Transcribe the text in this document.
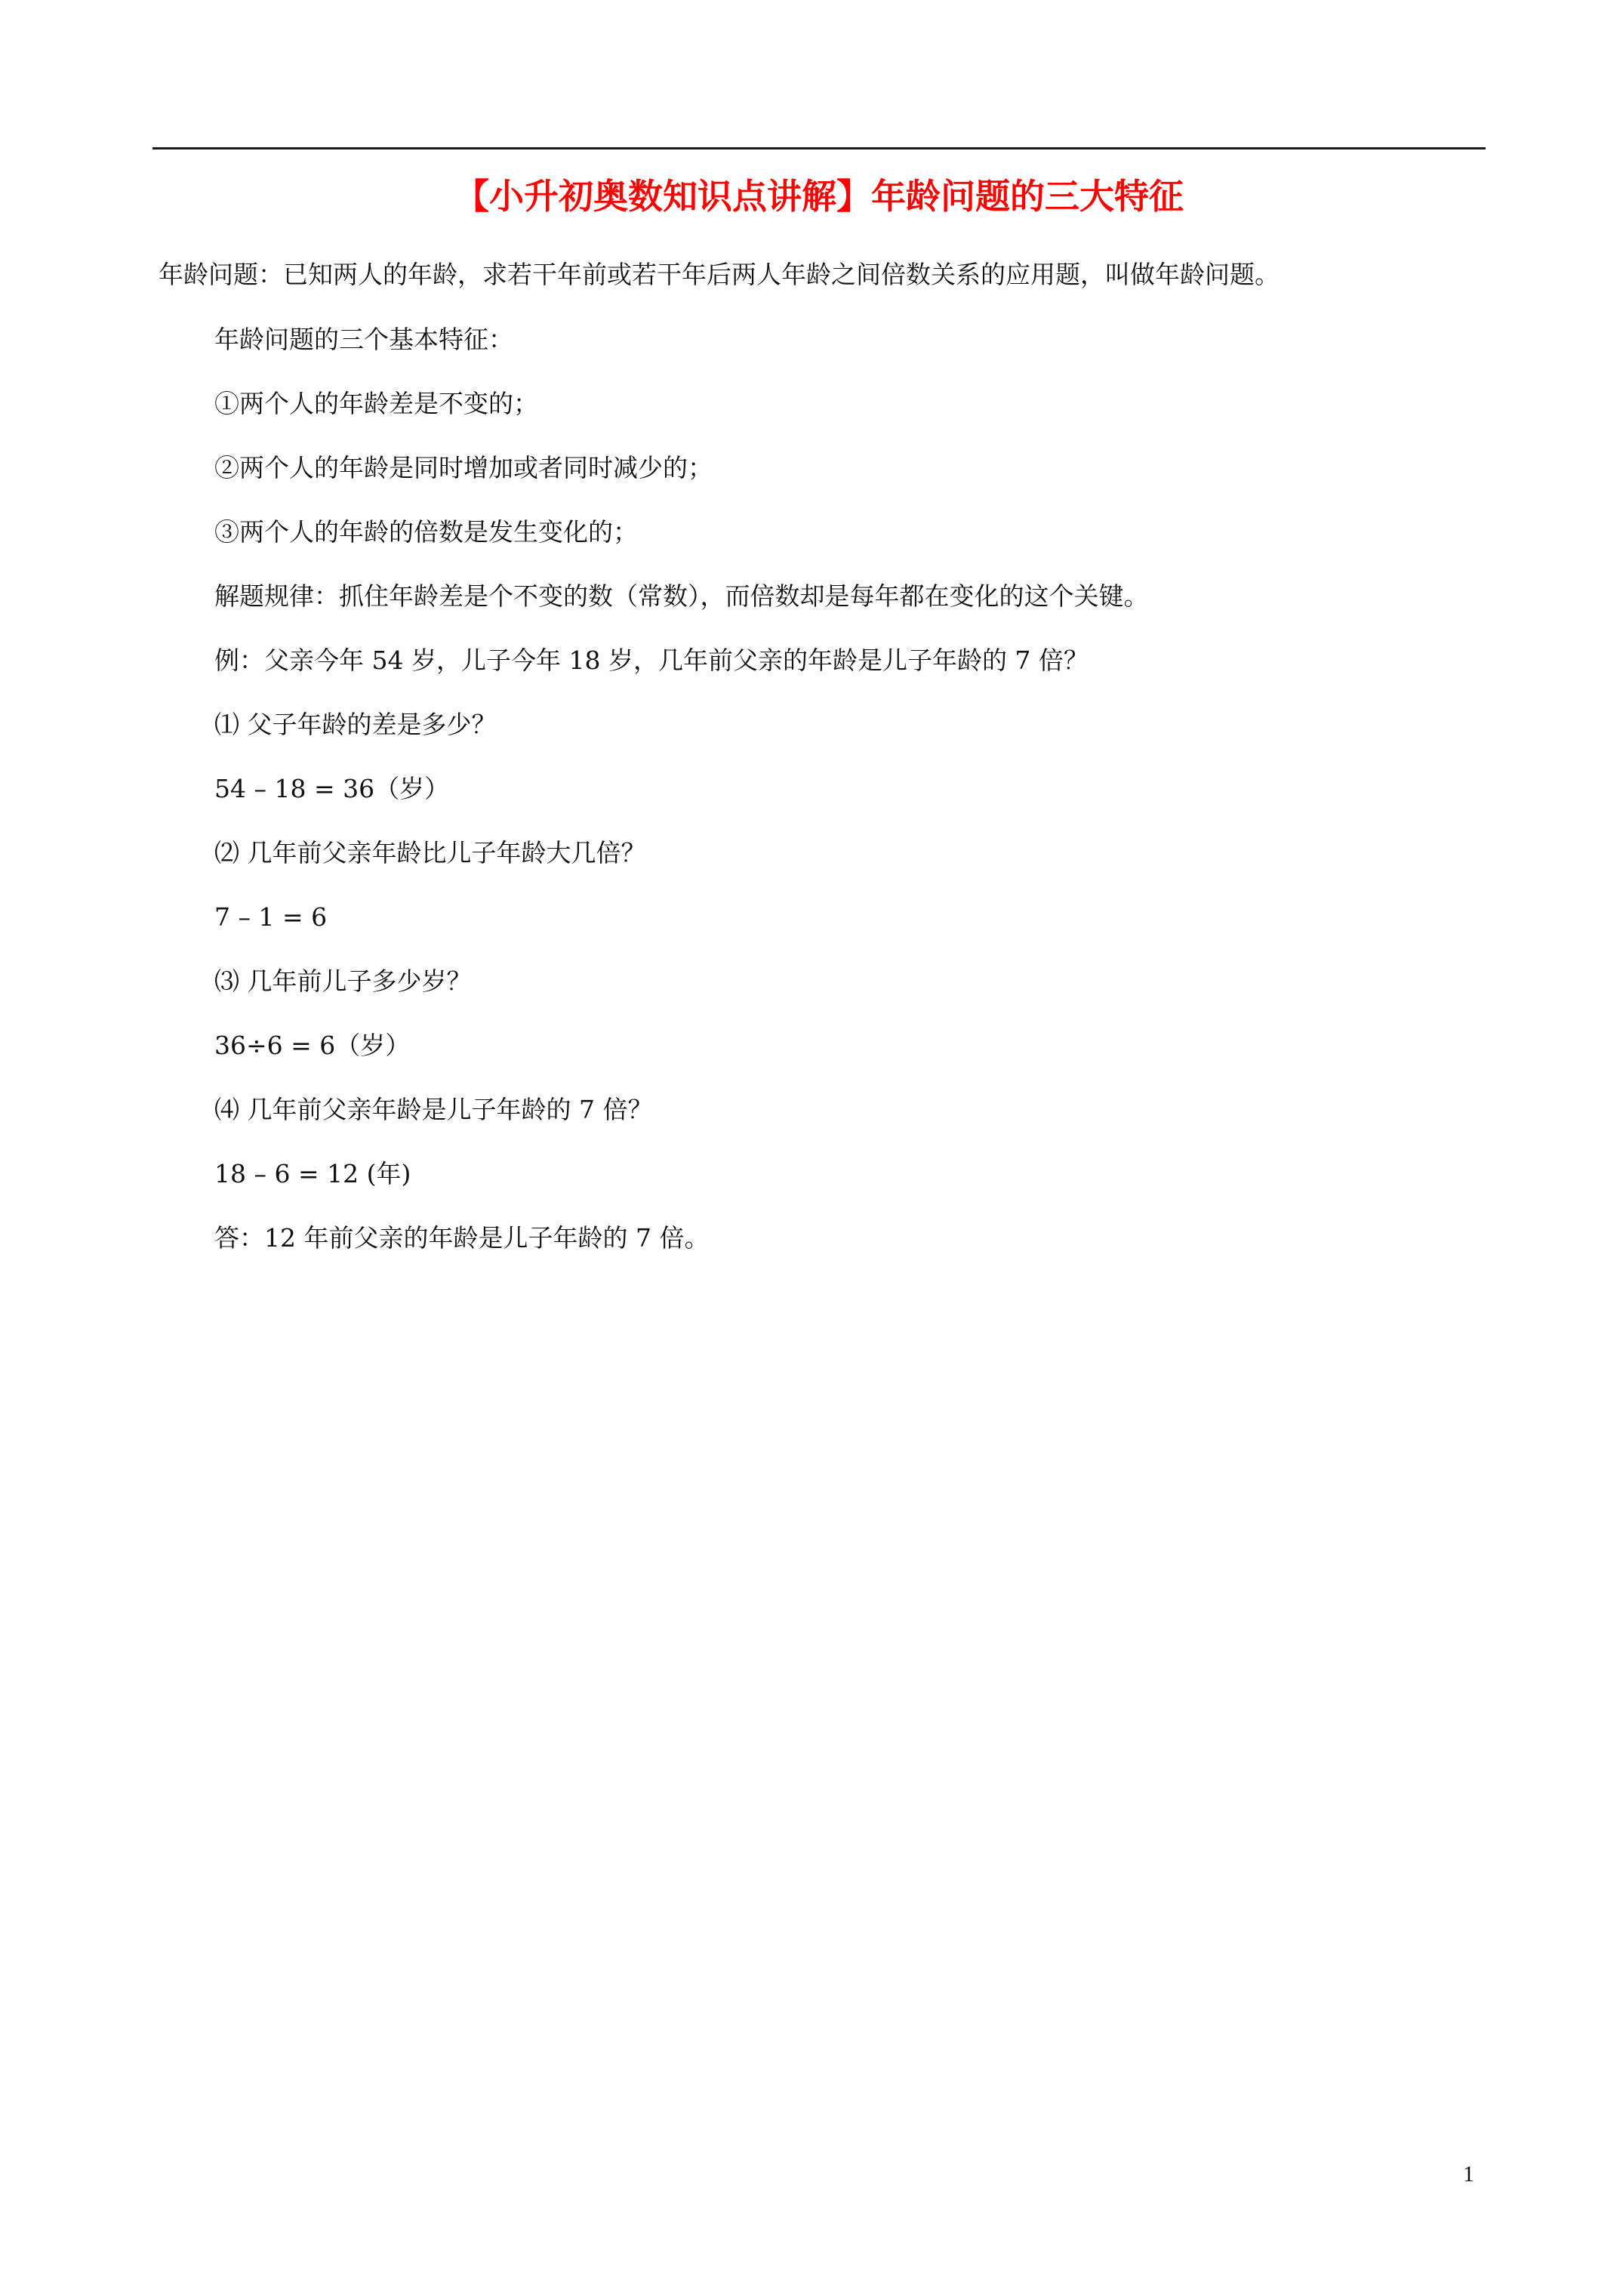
【小升初奥数知识点讲解】年龄问题的三大特征
年龄问题：已知两人的年龄，求若干年前或若干年后两人年龄之间倍数关系的应用题，叫做年龄问题。
年龄问题的三个基本特征：
①两个人的年龄差是不变的；
②两个人的年龄是同时增加或者同时减少的；
③两个人的年龄的倍数是发生变化的；
解题规律：抓住年龄差是个不变的数（常数），而倍数却是每年都在变化的这个关键。
例：父亲今年 54 岁，儿子今年 18 岁，几年前父亲的年龄是儿子年龄的 7 倍？
⑴ 父子年龄的差是多少？
54 – 18 = 36（岁）
⑵ 几年前父亲年龄比儿子年龄大几倍？
7 – 1 = 6
⑶ 几年前儿子多少岁？
36÷6 = 6（岁）
⑷ 几年前父亲年龄是儿子年龄的 7 倍？
18 – 6 = 12 (年)
答：12 年前父亲的年龄是儿子年龄的 7 倍。
1
